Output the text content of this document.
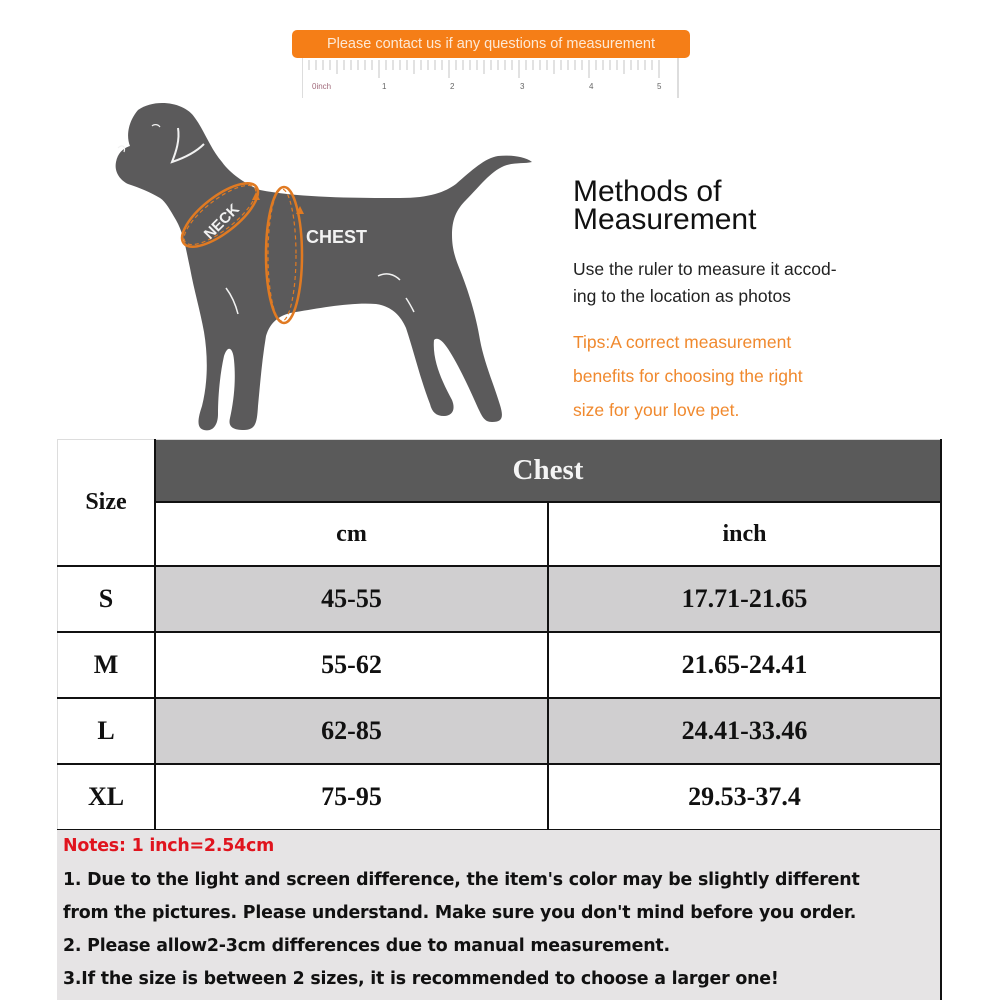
Please contact us if any questions of measurement
0inch	1	2	3	4	5
NECK	CHEST
Methods of
Measurement
Use the ruler to measure it accod-
ing to the location as photos
Tips:A correct measurement
benefits for choosing the right
size for your love pet.
Size	Chest	
	cm	inch
S	45-55	17.71-21.65
M	55-62	21.65-24.41
L	62-85	24.41-33.46
XL	75-95	29.53-37.4
Notes: 1 inch=2.54cm
1. Due to the light and screen difference, the item's color may be slightly different
from the pictures. Please understand. Make sure you don't mind before you order.
2. Please allow2-3cm differences due to manual measurement.
3.If the size is between 2 sizes, it is recommended to choose a larger one!
